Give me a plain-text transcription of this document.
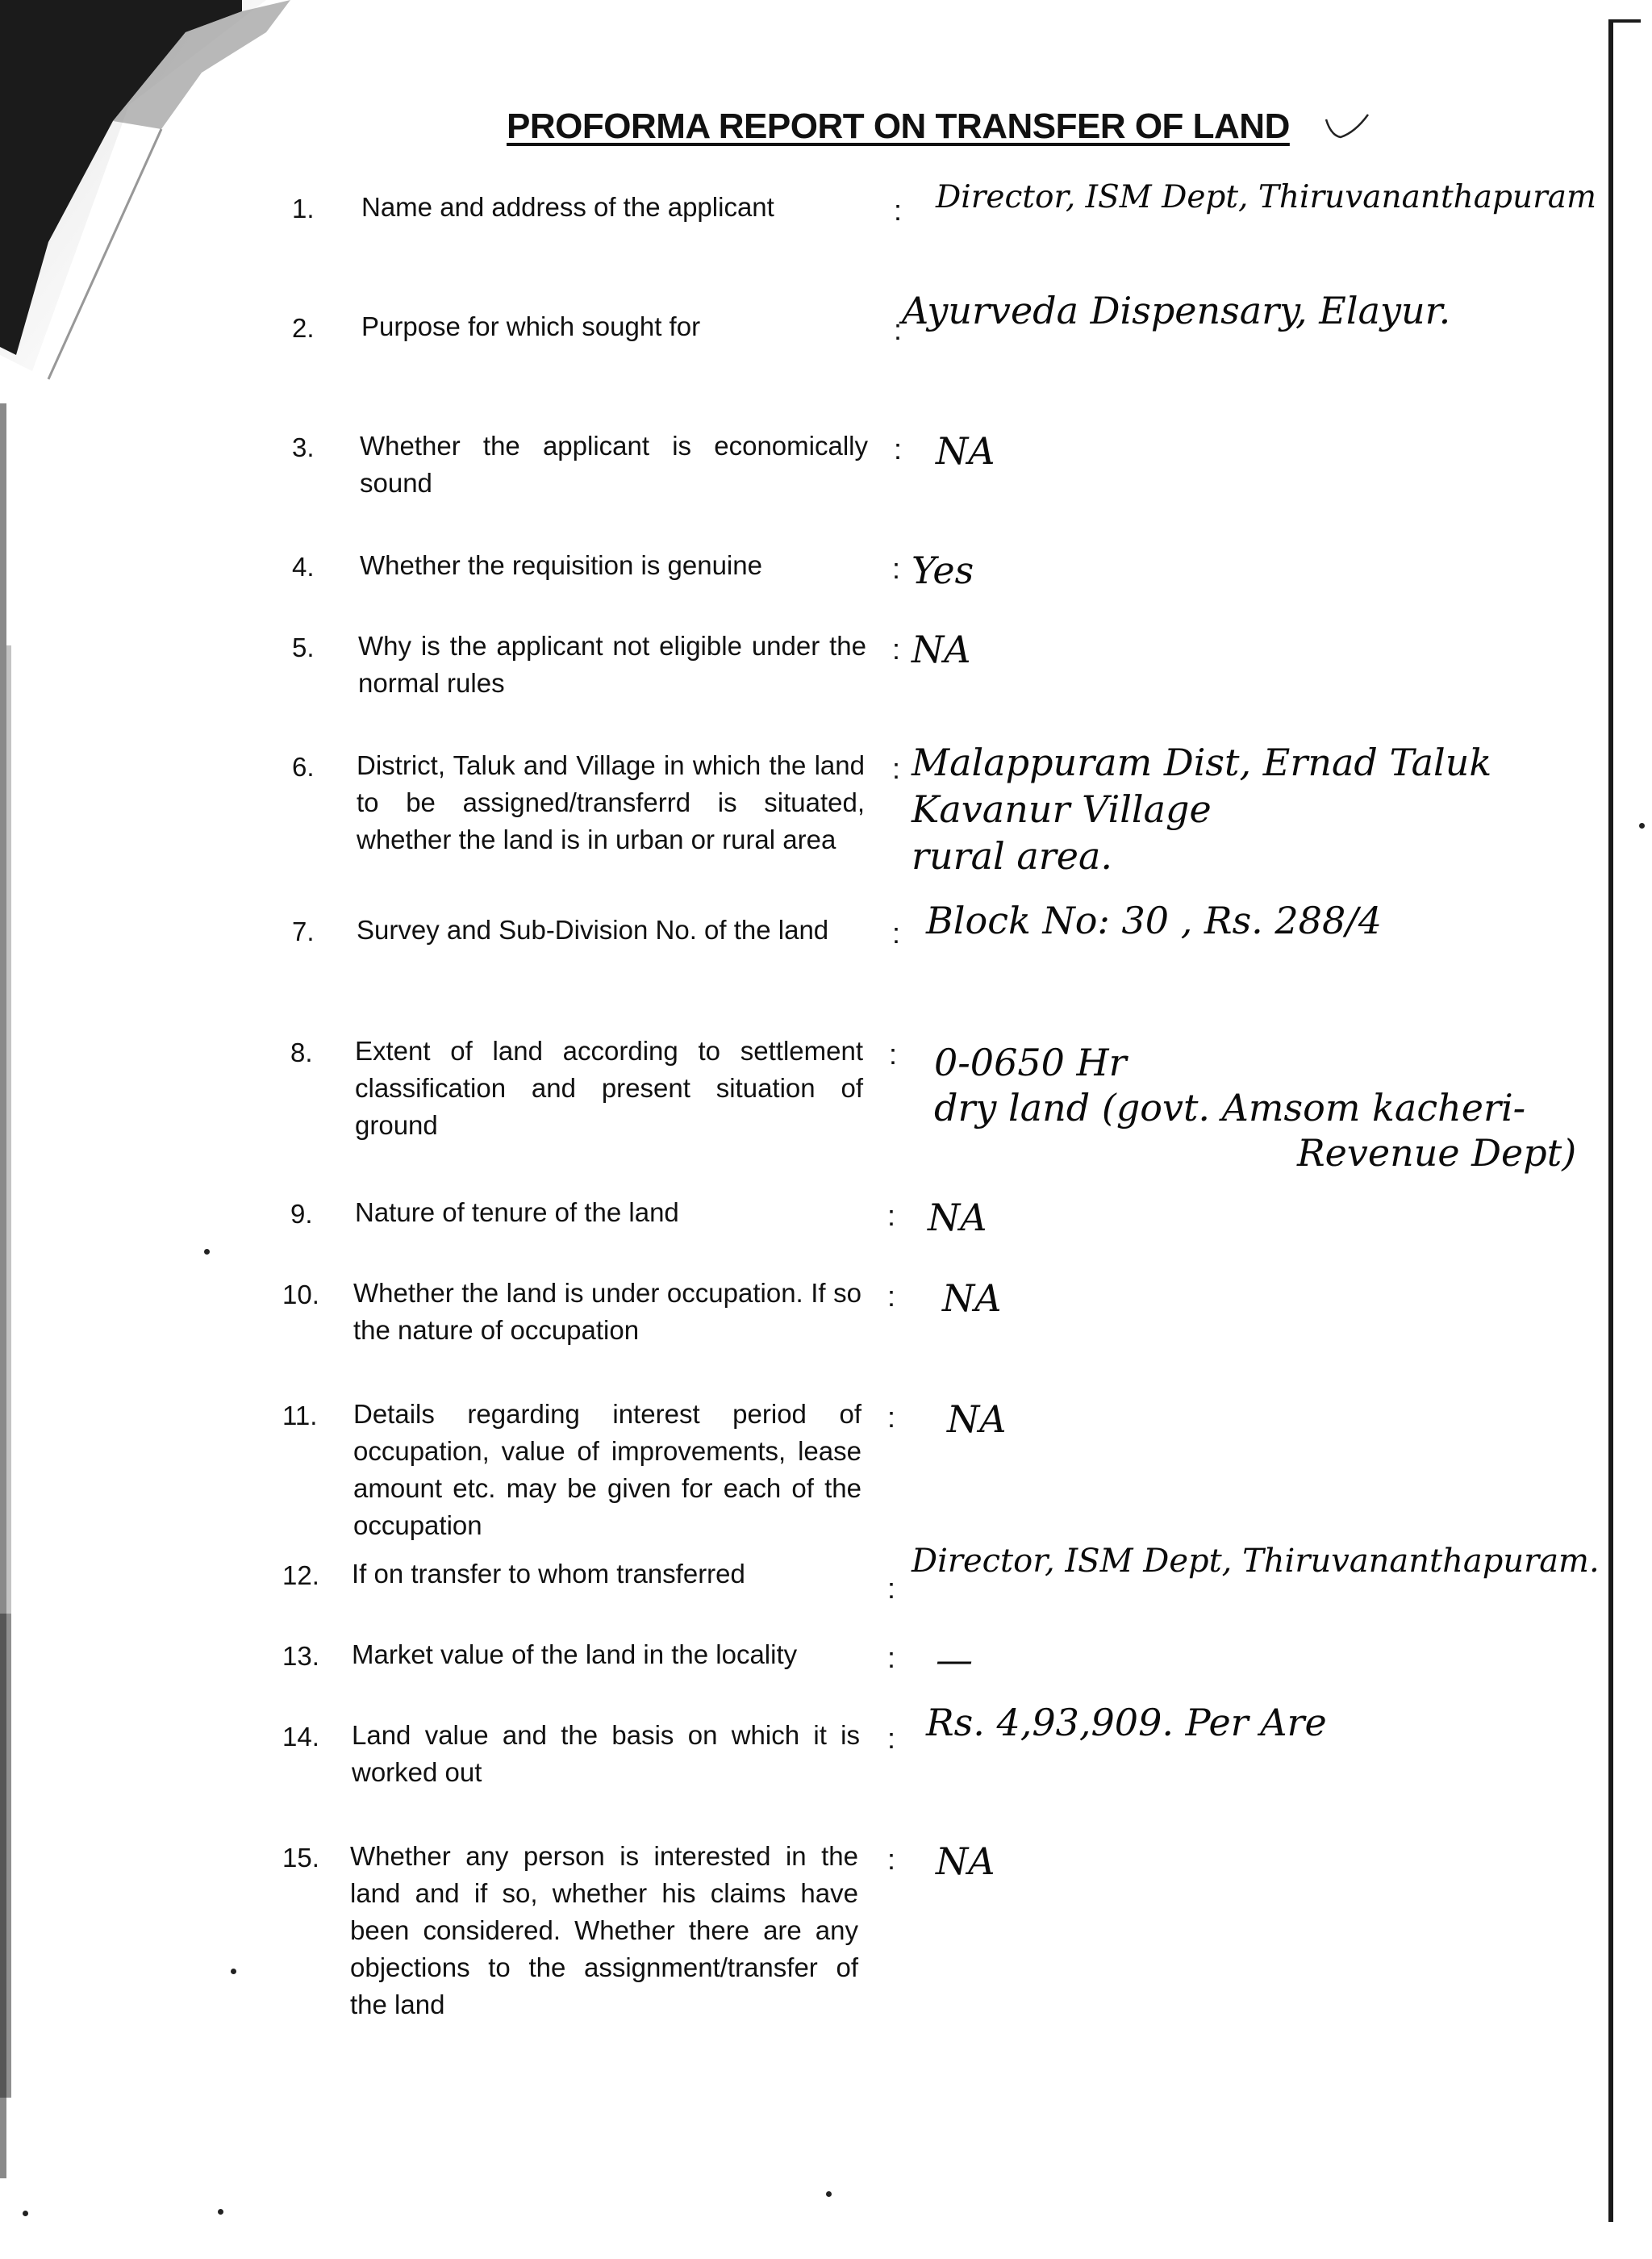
PROFORMA REPORT ON TRANSFER OF LAND
1. Name and address of the applicant	: Director, ISM Dept, Thiruvananthapuram
2. Purpose for which sought for	: Ayurveda Dispensary, Elayur.
3. Whether the applicant is economically sound
: NA
4. Whether the requisition is genuine	: Yes
5. Why is the applicant not eligible under the normal rules
: NA
6. District, Taluk and Village in which the land to be assigned/transferrd is situated, whether the land is in urban or rural area
: Malappuram Dist, Ernad Taluk
Kavanur Village
rural area.
7. Survey and Sub-Division No. of the land	: Block No: 30 , Rs. 288/4
8. Extent of land according to settlement classification and present situation of ground
: 0-0650 Hr
dry land (govt. Amsom kacheri-
Revenue Dept)
9. Nature of tenure of the land	: NA
10. Whether the land is under occupation. If so the nature of occupation
: NA
11. Details regarding interest period of occupation, value of improvements, lease amount etc. may be given for each of the occupation
: NA
12. If on transfer to whom transferred	:
Director, ISM Dept, Thiruvananthapuram.
13. Market value of the land in the locality	: —
14. Land value and the basis on which it is worked out
: Rs. 4,93,909. Per Are
15. Whether any person is interested in the land and if so, whether his claims have been considered. Whether there are any objections to the assignment/transfer of the land
: NA
